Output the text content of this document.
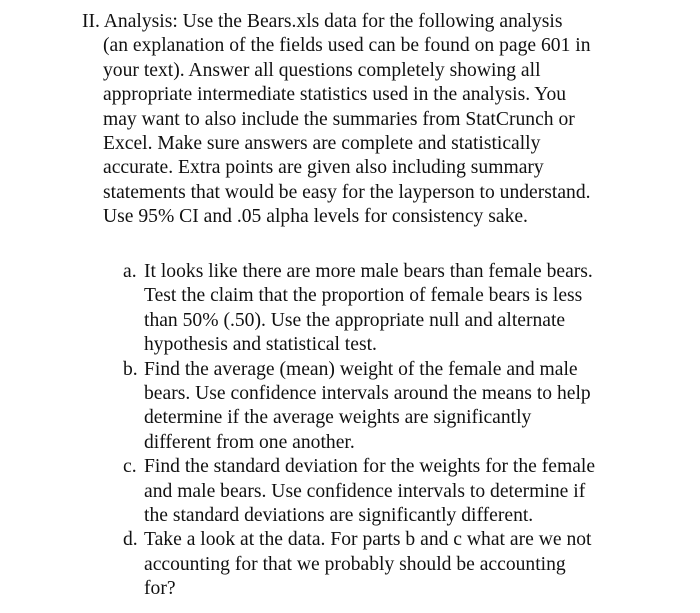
II. Analysis: Use the Bears.xls data for the following analysis
(an explanation of the fields used can be found on page 601 in
your text). Answer all questions completely showing all
appropriate intermediate statistics used in the analysis. You
may want to also include the summaries from StatCrunch or
Excel. Make sure answers are complete and statistically
accurate. Extra points are given also including summary
statements that would be easy for the layperson to understand.
Use 95% CI and .05 alpha levels for consistency sake.
a. It looks like there are more male bears than female bears.
Test the claim that the proportion of female bears is less
than 50% (.50). Use the appropriate null and alternate
hypothesis and statistical test.
b. Find the average (mean) weight of the female and male
bears. Use confidence intervals around the means to help
determine if the average weights are significantly
different from one another.
c. Find the standard deviation for the weights for the female
and male bears. Use confidence intervals to determine if
the standard deviations are significantly different.
d. Take a look at the data. For parts b and c what are we not
accounting for that we probably should be accounting
for?
